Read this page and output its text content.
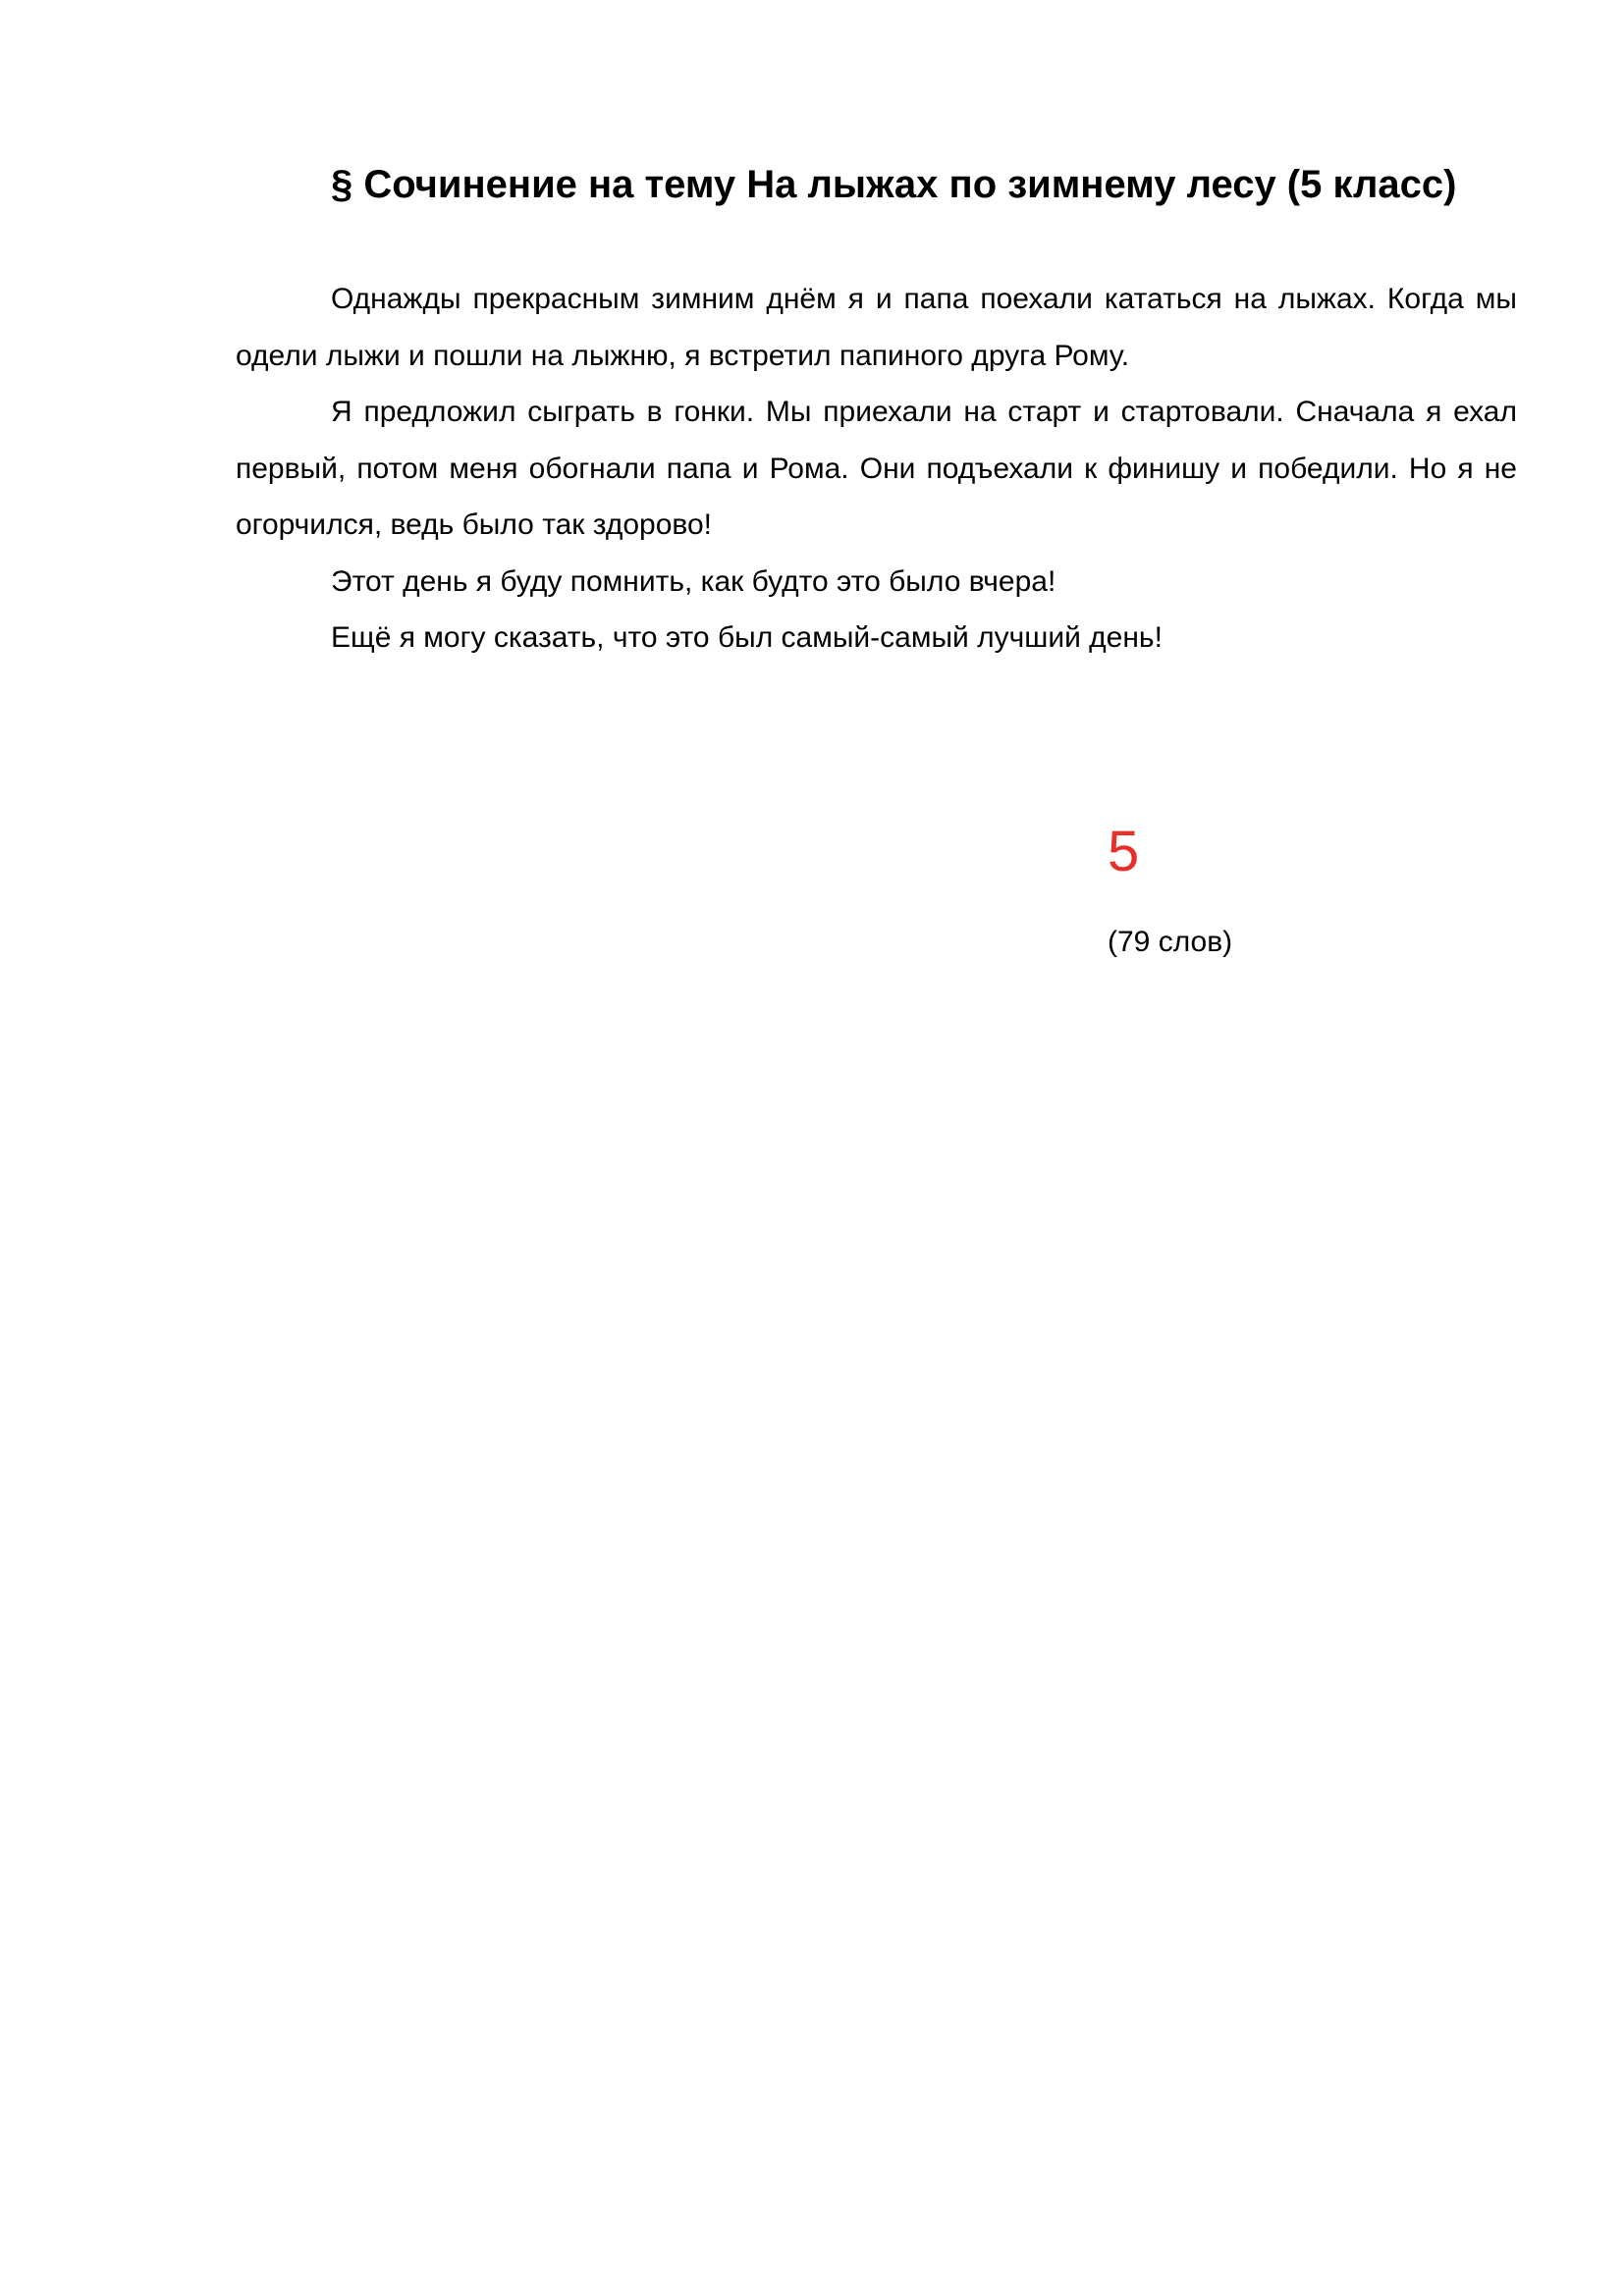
§ Сочинение на тему На лыжах по зимнему лесу (5 класс)

Однажды прекрасным зимним днём я и папа поехали кататься на лыжах. Когда мы одели лыжи и пошли на лыжню, я встретил папиного друга Рому.

Я предложил сыграть в гонки. Мы приехали на старт и стартовали. Сначала я ехал первый, потом меня обогнали папа и Рома. Они подъехали к финишу и победили. Но я не огорчился, ведь было так здорово!

Этот день я буду помнить, как будто это было вчера!

Ещё я могу сказать, что это был самый-самый лучший день!

5
(79 слов)
